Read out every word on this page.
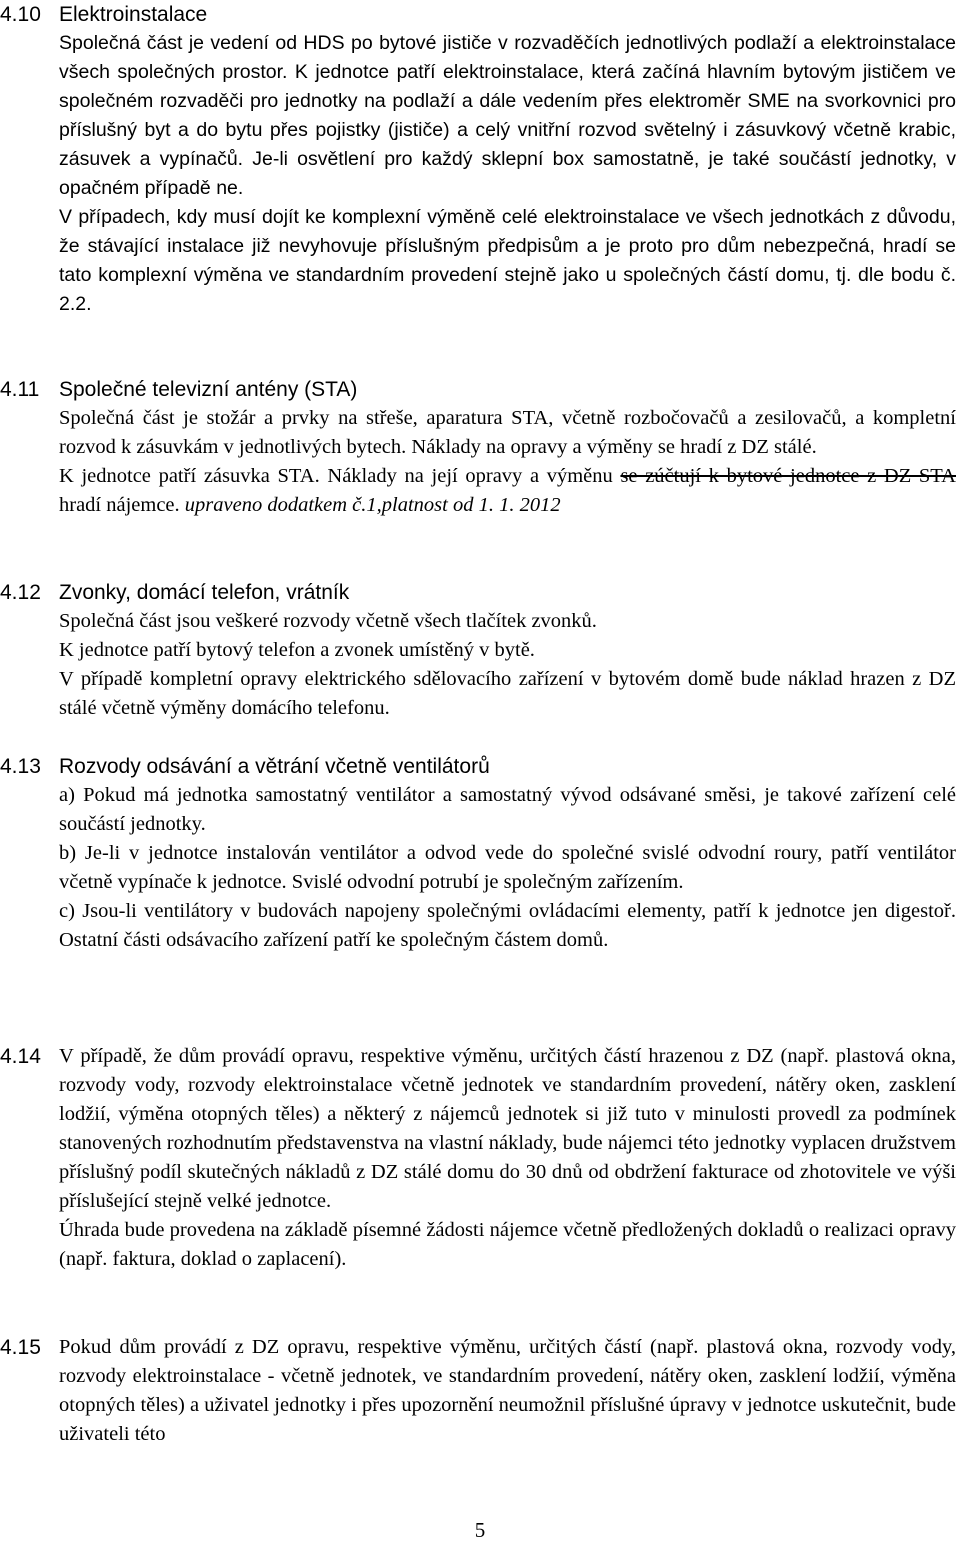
4.10 Elektroinstalace

Společná část je vedení od HDS po bytové jističe v rozvaděčích jednotlivých podlaží a elektroinstalace všech společných prostor. K jednotce patří elektroinstalace, která začíná hlavním bytovým jističem ve společném rozvaděči pro jednotky na podlaží a dále vedením přes elektroměr SME na svorkovnici pro příslušný byt a do bytu přes pojistky (jističe) a celý vnitřní rozvod světelný i zásuvkový včetně krabic, zásuvek a vypínačů. Je-li osvětlení pro každý sklepní box samostatně, je také součástí jednotky, v opačném případě ne.

V případech, kdy musí dojít ke komplexní výměně celé elektroinstalace ve všech jednotkách z důvodu, že stávající instalace již nevyhovuje příslušným předpisům a je proto pro dům nebezpečná, hradí se tato komplexní výměna ve standardním provedení stejně jako u společných částí domu, tj. dle bodu č. 2.2.

4.11 Společné televizní antény (STA)

Společná část je stožár a prvky na střeše, aparatura STA, včetně rozbočovačů a zesilovačů, a kompletní rozvod k zásuvkám v jednotlivých bytech. Náklady na opravy a výměny se hradí z DZ stálé.

K jednotce patří zásuvka STA. Náklady na její opravy a výměnu se zúčtují k bytové jednotce z DZ STA hradí nájemce. upraveno dodatkem č.1,platnost od 1. 1. 2012

4.12 Zvonky, domácí telefon, vrátník

Společná část jsou veškeré rozvody včetně všech tlačítek zvonků.

K jednotce patří bytový telefon a zvonek umístěný v bytě.

V případě kompletní opravy elektrického sdělovacího zařízení v bytovém domě bude náklad hrazen z DZ stálé včetně výměny domácího telefonu.

4.13 Rozvody odsávání a větrání včetně ventilátorů

a) Pokud má jednotka samostatný ventilátor a samostatný vývod odsávané směsi, je takové zařízení celé součástí jednotky.

b) Je-li v jednotce instalován ventilátor a odvod vede do společné svislé odvodní roury, patří ventilátor včetně vypínače k jednotce. Svislé odvodní potrubí je společným zařízením.

c) Jsou-li ventilátory v budovách napojeny společnými ovládacími elementy, patří k jednotce jen digestoř. Ostatní části odsávacího zařízení patří ke společným částem domů.

4.14 V případě, že dům provádí opravu, respektive výměnu, určitých částí hrazenou z DZ (např. plastová okna, rozvody vody, rozvody elektroinstalace včetně jednotek ve standardním provedení, nátěry oken, zasklení lodžií, výměna otopných těles) a některý z nájemců jednotek si již tuto v minulosti provedl za podmínek stanovených rozhodnutím představenstva na vlastní náklady, bude nájemci této jednotky vyplacen družstvem příslušný podíl skutečných nákladů z DZ stálé domu do 30 dnů od obdržení fakturace od zhotovitele ve výši příslušející stejně velké jednotce.

Úhrada bude provedena na základě písemné žádosti nájemce včetně předložených dokladů o realizaci opravy (např. faktura, doklad o zaplacení).

4.15 Pokud dům provádí z DZ opravu, respektive výměnu, určitých částí (např. plastová okna, rozvody vody, rozvody elektroinstalace - včetně jednotek, ve standardním provedení, nátěry oken, zasklení lodžií, výměna otopných těles) a uživatel jednotky i přes upozornění neumožnil příslušné úpravy v jednotce uskutečnit, bude uživateli této

5
